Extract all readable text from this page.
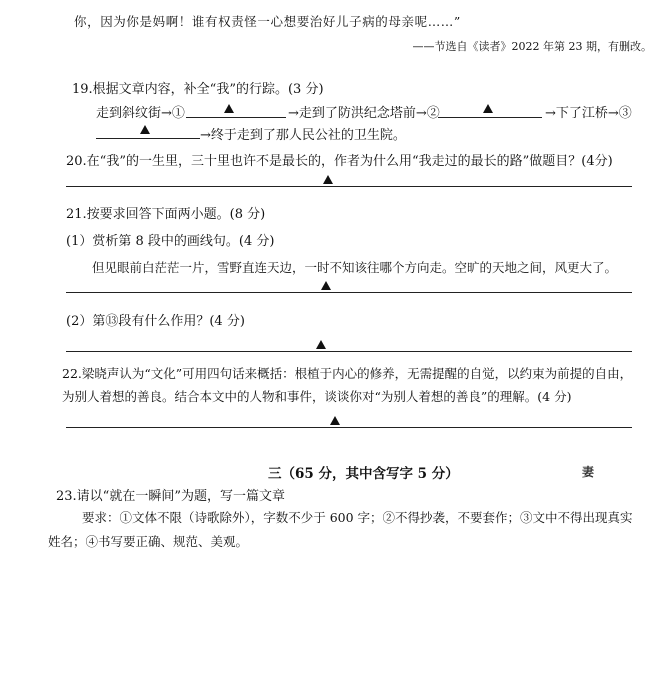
你，因为你是妈啊！谁有权责怪一心想要治好儿子病的母亲呢……”
——节选自《读者》2022 年第 23 期，有删改。
19.根据文章内容，补全“我”的行踪。(3 分)
走到斜纹街→①	→走到了防洪纪念塔前→②	→下了江桥→③
→终于走到了那人民公社的卫生院。
20.在“我”的一生里，三十里也许不是最长的，作者为什么用“我走过的最长的路”做题目？(4分)
21.按要求回答下面两小题。(8 分)
(1）赏析第 8 段中的画线句。(4 分)
但见眼前白茫茫一片，雪野直连天边，一时不知该往哪个方向走。空旷的天地之间，风更大了。
(2）第⑬段有什么作用？(4 分)
22.梁晓声认为“文化”可用四句话来概括：根植于内心的修养，无需提醒的自觉，以约束为前提的自由，
为别人着想的善良。结合本文中的人物和事件，谈谈你对“为别人着想的善良”的理解。(4 分)
三（65 分，其中含写字 5 分）	妻
23.请以“就在一瞬间”为题，写一篇文章
要求：①文体不限（诗歌除外），字数不少于 600 字；②不得抄袭，不要套作；③文中不得出现真实
姓名；④书写要正确、规范、美观。
